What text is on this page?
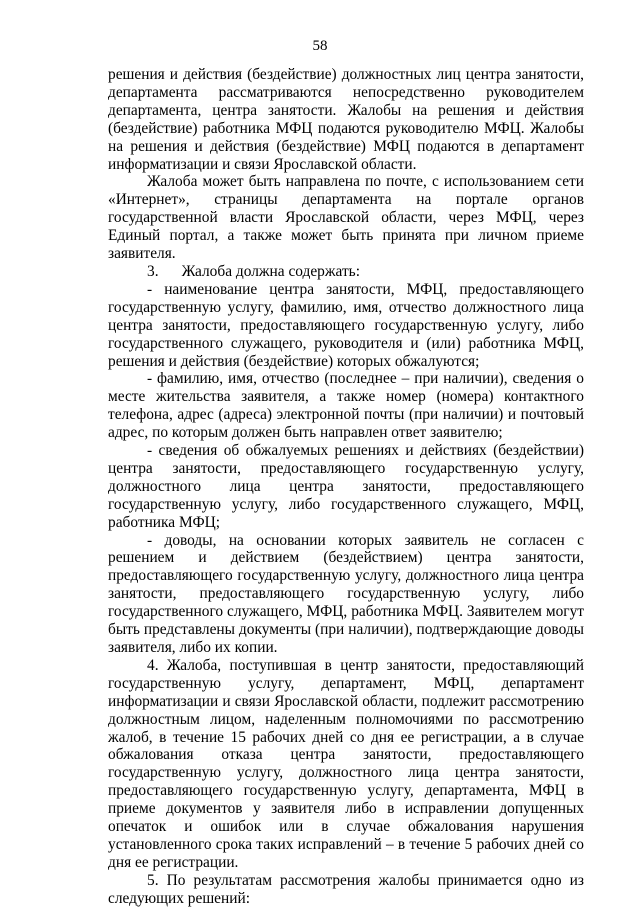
58

решения и действия (бездействие) должностных лиц центра занятости, департамента рассматриваются непосредственно руководителем департамента, центра занятости. Жалобы на решения и действия (бездействие) работника МФЦ подаются руководителю МФЦ. Жалобы на решения и действия (бездействие) МФЦ подаются в департамент информатизации и связи Ярославской области.

Жалоба может быть направлена по почте, с использованием сети «Интернет», страницы департамента на портале органов государственной власти Ярославской области, через МФЦ, через Единый портал, а также может быть принята при личном приеме заявителя.

3.      Жалоба должна содержать:

- наименование центра занятости, МФЦ, предоставляющего государственную услугу, фамилию, имя, отчество должностного лица центра занятости, предоставляющего государственную услугу, либо государственного служащего, руководителя и (или) работника МФЦ, решения и действия (бездействие) которых обжалуются;

- фамилию, имя, отчество (последнее – при наличии), сведения о месте жительства заявителя, а также номер (номера) контактного телефона, адрес (адреса) электронной почты (при наличии) и почтовый адрес, по которым должен быть направлен ответ заявителю;

- сведения об обжалуемых решениях и действиях (бездействии) центра занятости, предоставляющего государственную услугу, должностного лица центра занятости, предоставляющего государственную услугу, либо государственного служащего, МФЦ, работника МФЦ;

- доводы, на основании которых заявитель не согласен с решением и действием (бездействием) центра занятости, предоставляющего государственную услугу, должностного лица центра занятости, предоставляющего государственную услугу, либо государственного служащего, МФЦ, работника МФЦ. Заявителем могут быть представлены документы (при наличии), подтверждающие доводы заявителя, либо их копии.

4. Жалоба, поступившая в центр занятости, предоставляющий государственную услугу, департамент, МФЦ, департамент информатизации и связи Ярославской области, подлежит рассмотрению должностным лицом, наделенным полномочиями по рассмотрению жалоб, в течение 15 рабочих дней со дня ее регистрации, а в случае обжалования отказа центра занятости, предоставляющего государственную услугу, должностного лица центра занятости, предоставляющего государственную услугу, департамента, МФЦ в приеме документов у заявителя либо в исправлении допущенных опечаток и ошибок или в случае обжалования нарушения установленного срока таких исправлений – в течение 5 рабочих дней со дня ее регистрации.

5. По результатам рассмотрения жалобы принимается одно из следующих решений:
